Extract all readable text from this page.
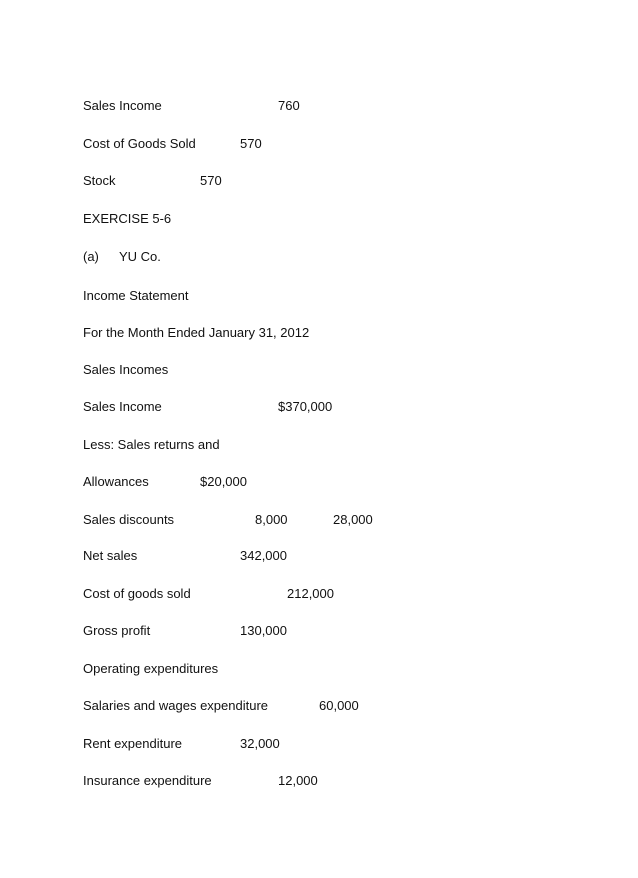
Sales Income	760
Cost of Goods Sold	570
Stock	570
EXERCISE 5-6
(a) YU Co.
Income Statement
For the Month Ended January 31, 2012
Sales Incomes
Sales Income	$370,000
Less: Sales returns and
Allowances	$20,000
Sales discounts	8,000	28,000
Net sales	342,000
Cost of goods sold	212,000
Gross profit	130,000
Operating expenditures
Salaries and wages expenditure	60,000
Rent expenditure	32,000
Insurance expenditure	12,000
